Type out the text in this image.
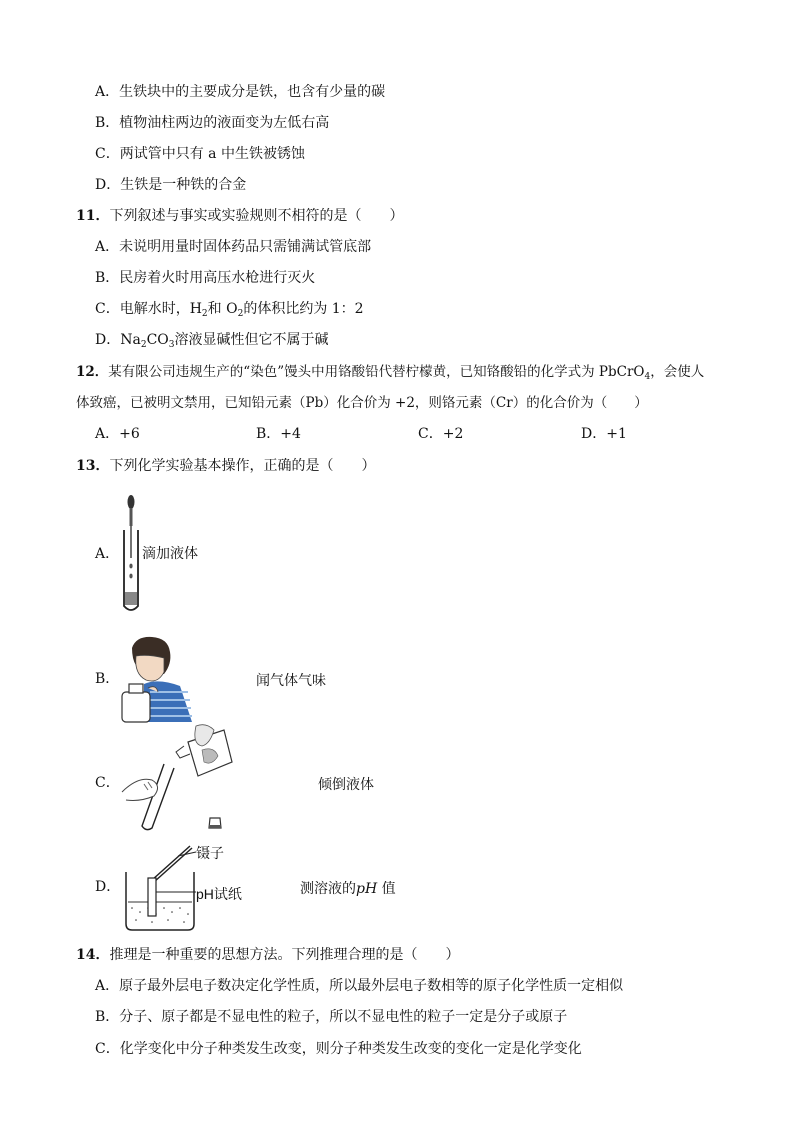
A．生铁块中的主要成分是铁，也含有少量的碳
B．植物油柱两边的液面变为左低右高
C．两试管中只有 a 中生铁被锈蚀
D．生铁是一种铁的合金
11．下列叙述与事实或实验规则不相符的是（　　）
A．未说明用量时固体药品只需铺满试管底部
B．民房着火时用高压水枪进行灭火
C．电解水时，$H_2$和 $O_2$的体积比约为 1：2
D．$Na_2CO_3$溶液显碱性但它不属于碱
12．某有限公司违规生产的“染色”馒头中用铬酸铅代替柠檬黄，已知铬酸铅的化学式为 PbCrO$_4$，会使人
体致癌，已被明文禁用，已知铅元素（Pb）化合价为 +2，则铬元素（Cr）的化合价为（　　）
A．+6	B．+4	C．+2	D．+1
13．下列化学实验基本操作，正确的是（　　）
A． 滴加液体
B．	闻气体气味
C．	倾倒液体
D．
镊子
pH试纸	测溶液的pH 值
14．推理是一种重要的思想方法。下列推理合理的是（　　）
A．原子最外层电子数决定化学性质，所以最外层电子数相等的原子化学性质一定相似
B．分子、原子都是不显电性的粒子，所以不显电性的粒子一定是分子或原子
C．化学变化中分子种类发生改变，则分子种类发生改变的变化一定是化学变化
